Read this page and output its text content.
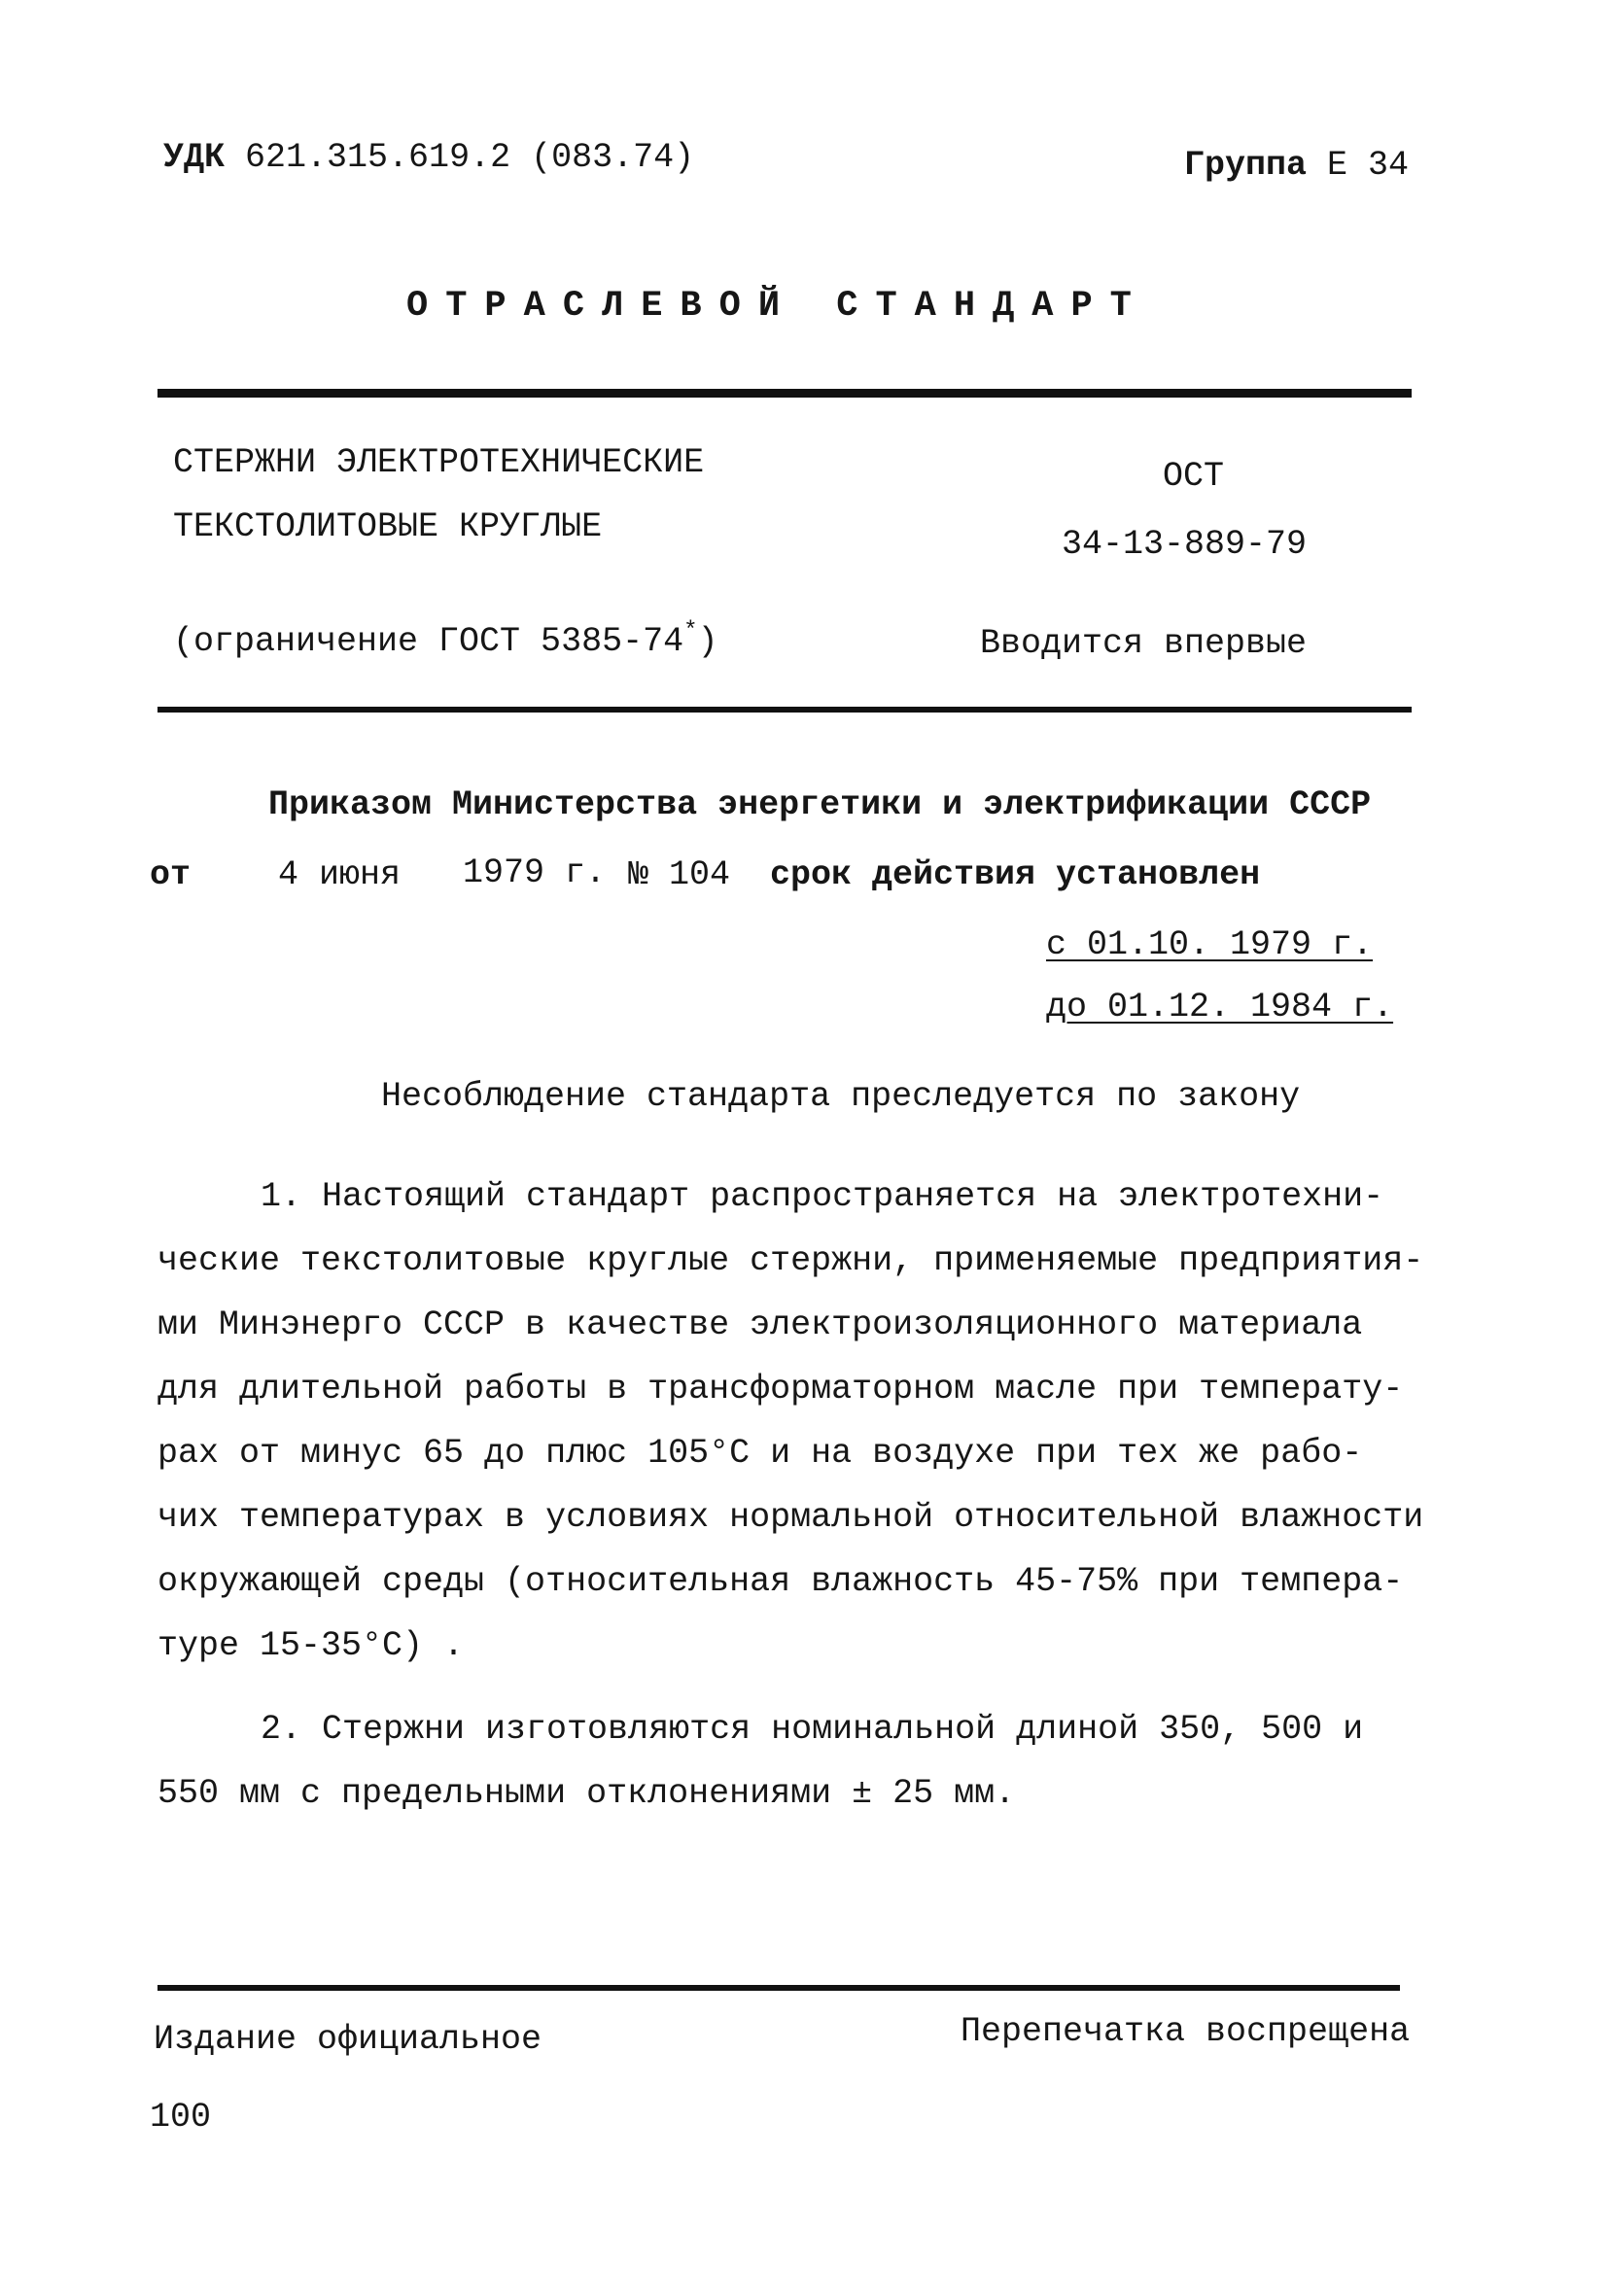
УДК 621.315.619.2 (083.74)	Группа Е 34
ОТРАСЛЕВОЙ СТАНДАРТ
СТЕРЖНИ ЭЛЕКТРОТЕХНИЧЕСКИЕ
ТЕКСТОЛИТОВЫЕ КРУГЛЫЕ
ОСТ
34-13-889-79
(ограничение ГОСТ 5385-74*)	Вводится впервые
Приказом Министерства энергетики и электрификации СССР
от	4 июня 1979 г. № 104 срок действия установлен
с 01.10. 1979 г.
до 01.12. 1984 г.
Несоблюдение стандарта преследуется по закону
1. Настоящий стандарт распространяется на электротехни-
ческие текстолитовые круглые стержни, применяемые предприятия-
ми Минэнерго СССР в качестве электроизоляционного материала
для длительной работы в трансформаторном масле при температу-
рах от минус 65 до плюс 105°C и на воздухе при тех же рабо-
чих температурах в условиях нормальной относительной влажности
окружающей среды (относительная влажность 45-75% при темпера-
туре 15-35°С) .
2. Стержни изготовляются номинальной длиной 350, 500 и
550 мм с предельными отклонениями ± 25 мм.
Издание официальное	Перепечатка воспрещена
100
